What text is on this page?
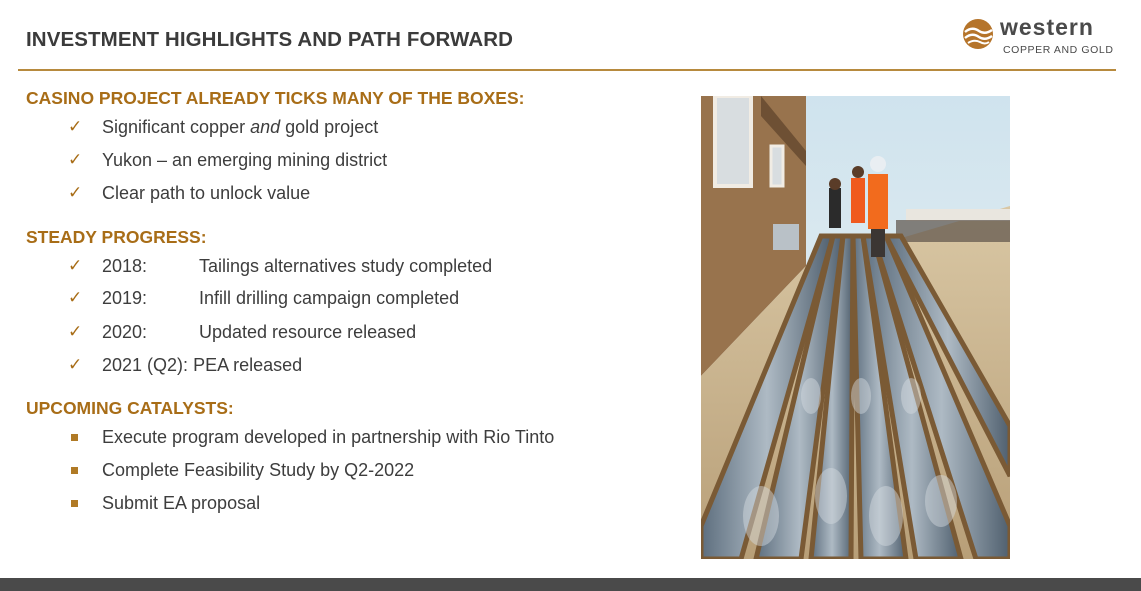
INVESTMENT HIGHLIGHTS AND PATH FORWARD	western
COPPER AND GOLD
CASINO PROJECT ALREADY TICKS MANY OF THE BOXES:
✓ Significant copper and gold project
✓ Yukon – an emerging mining district
✓ Clear path to unlock value
STEADY PROGRESS:
✓ 2018:	Tailings alternatives study completed
✓ 2019:	Infill drilling campaign completed
✓ 2020:	Updated resource released
✓ 2021 (Q2): PEA released
UPCOMING CATALYSTS:
Execute program developed in partnership with Rio Tinto
Complete Feasibility Study by Q2-2022
Submit EA proposal
